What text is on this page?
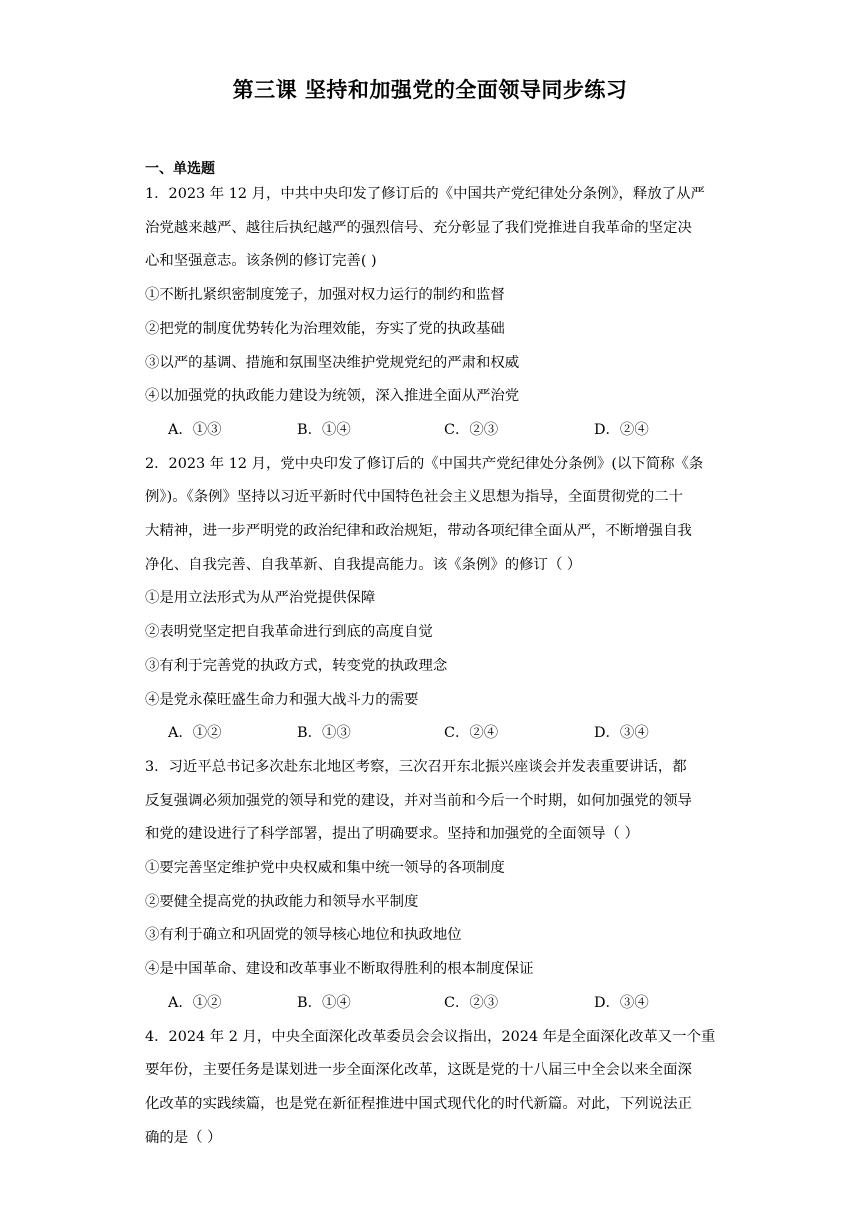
第三课 坚持和加强党的全面领导同步练习
一、单选题
1．2023 年 12 月，中共中央印发了修订后的《中国共产党纪律处分条例》，释放了从严
治党越来越严、越往后执纪越严的强烈信号、充分彰显了我们党推进自我革命的坚定决
心和坚强意志。该条例的修订完善( )
①不断扎紧织密制度笼子，加强对权力运行的制约和监督
②把党的制度优势转化为治理效能，夯实了党的执政基础
③以严的基调、措施和氛围坚决维护党规党纪的严肃和权威
④以加强党的执政能力建设为统领，深入推进全面从严治党
A．①③	B．①④	C．②③	D．②④
2．2023 年 12 月，党中央印发了修订后的《中国共产党纪律处分条例》(以下简称《条
例》)。《条例》坚持以习近平新时代中国特色社会主义思想为指导，全面贯彻党的二十
大精神，进一步严明党的政治纪律和政治规矩，带动各项纪律全面从严，不断增强自我
净化、自我完善、自我革新、自我提高能力。该《条例》的修订（ ）
①是用立法形式为从严治党提供保障
②表明党坚定把自我革命进行到底的高度自觉
③有利于完善党的执政方式，转变党的执政理念
④是党永葆旺盛生命力和强大战斗力的需要
A．①②	B．①③	C．②④	D．③④
3．习近平总书记多次赴东北地区考察，三次召开东北振兴座谈会并发表重要讲话，都
反复强调必须加强党的领导和党的建设，并对当前和今后一个时期，如何加强党的领导
和党的建设进行了科学部署，提出了明确要求。坚持和加强党的全面领导（ ）
①要完善坚定维护党中央权威和集中统一领导的各项制度
②要健全提高党的执政能力和领导水平制度
③有利于确立和巩固党的领导核心地位和执政地位
④是中国革命、建设和改革事业不断取得胜利的根本制度保证
A．①②	B．①④	C．②③	D．③④
4．2024 年 2 月，中央全面深化改革委员会会议指出，2024 年是全面深化改革又一个重
要年份，主要任务是谋划进一步全面深化改革，这既是党的十八届三中全会以来全面深
化改革的实践续篇，也是党在新征程推进中国式现代化的时代新篇。对此，下列说法正
确的是（ ）
